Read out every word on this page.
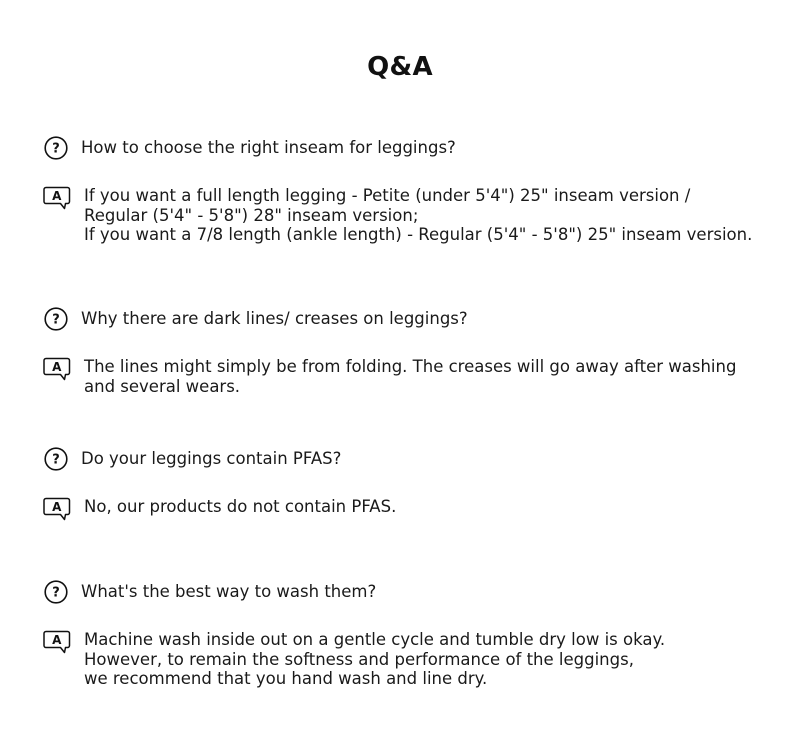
Q&A
? How to choose the right inseam for leggings?
A If you want a full length legging - Petite (under 5'4") 25" inseam version /
Regular (5'4" - 5'8") 28" inseam version;
If you want a 7/8 length (ankle length) - Regular (5'4" - 5'8") 25" inseam version.
? Why there are dark lines/ creases on leggings?
A The lines might simply be from folding. The creases will go away after washing
and several wears.
? Do your leggings contain PFAS?
A No, our products do not contain PFAS.
? What's the best way to wash them?
A Machine wash inside out on a gentle cycle and tumble dry low is okay.
However, to remain the softness and performance of the leggings,
we recommend that you hand wash and line dry.
